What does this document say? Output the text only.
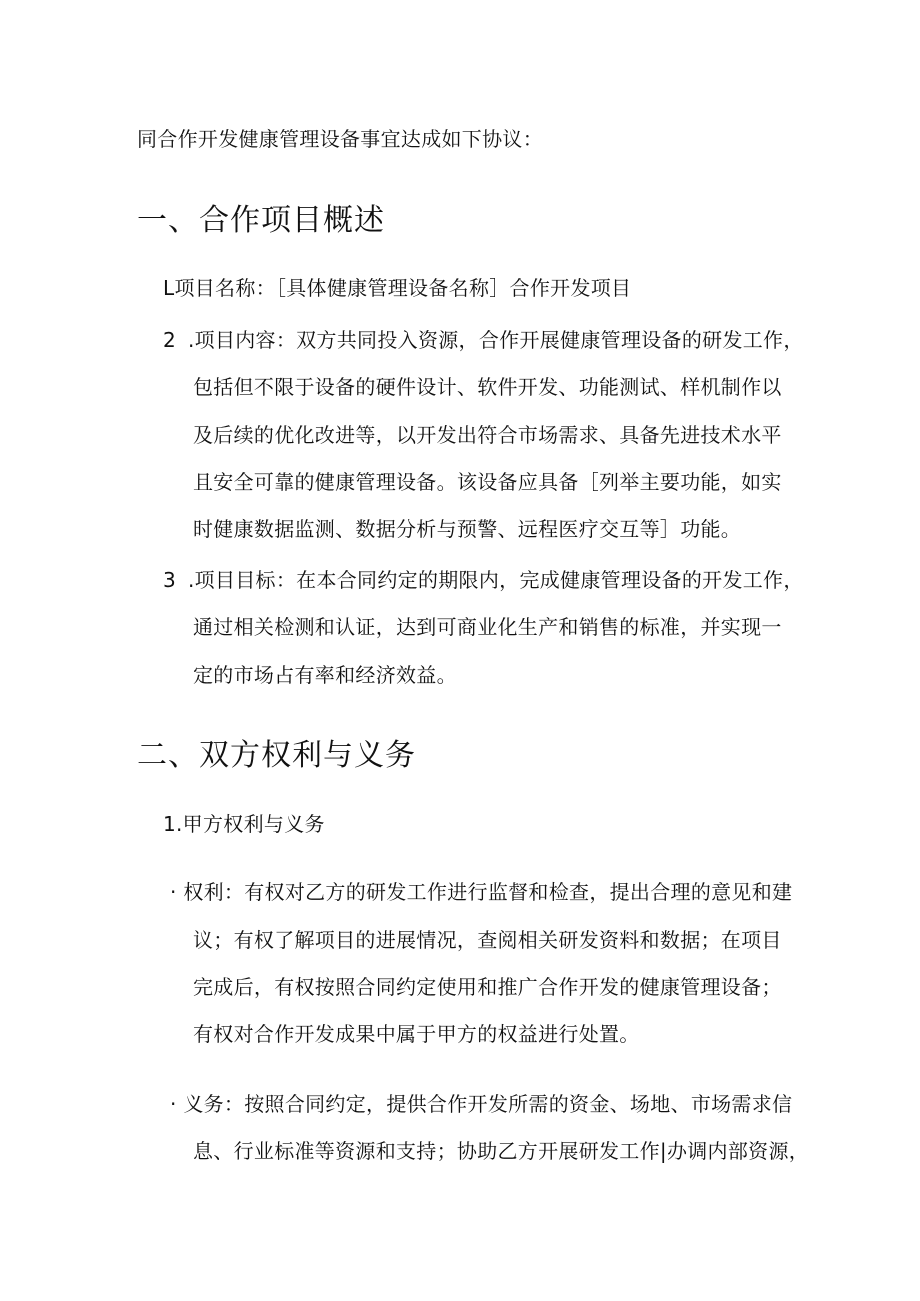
同合作开发健康管理设备事宜达成如下协议：
一、合作项目概述
L项目名称：［具体健康管理设备名称］合作开发项目
2 .项目内容：双方共同投入资源，合作开展健康管理设备的研发工作，
包括但不限于设备的硬件设计、软件开发、功能测试、样机制作以
及后续的优化改进等，以开发出符合市场需求、具备先进技术水平
且安全可靠的健康管理设备。该设备应具备［列举主要功能，如实
时健康数据监测、数据分析与预警、远程医疗交互等］功能。
3 .项目目标：在本合同约定的期限内，完成健康管理设备的开发工作，
通过相关检测和认证，达到可商业化生产和销售的标准，并实现一
定的市场占有率和经济效益。
二、双方权利与义务
1.甲方权利与义务
· 权利：有权对乙方的研发工作进行监督和检查，提出合理的意见和建
议；有权了解项目的进展情况，查阅相关研发资料和数据；在项目
完成后，有权按照合同约定使用和推广合作开发的健康管理设备；
有权对合作开发成果中属于甲方的权益进行处置。
· 义务：按照合同约定，提供合作开发所需的资金、场地、市场需求信
息、行业标准等资源和支持；协助乙方开展研发工作|办调内部资源，
